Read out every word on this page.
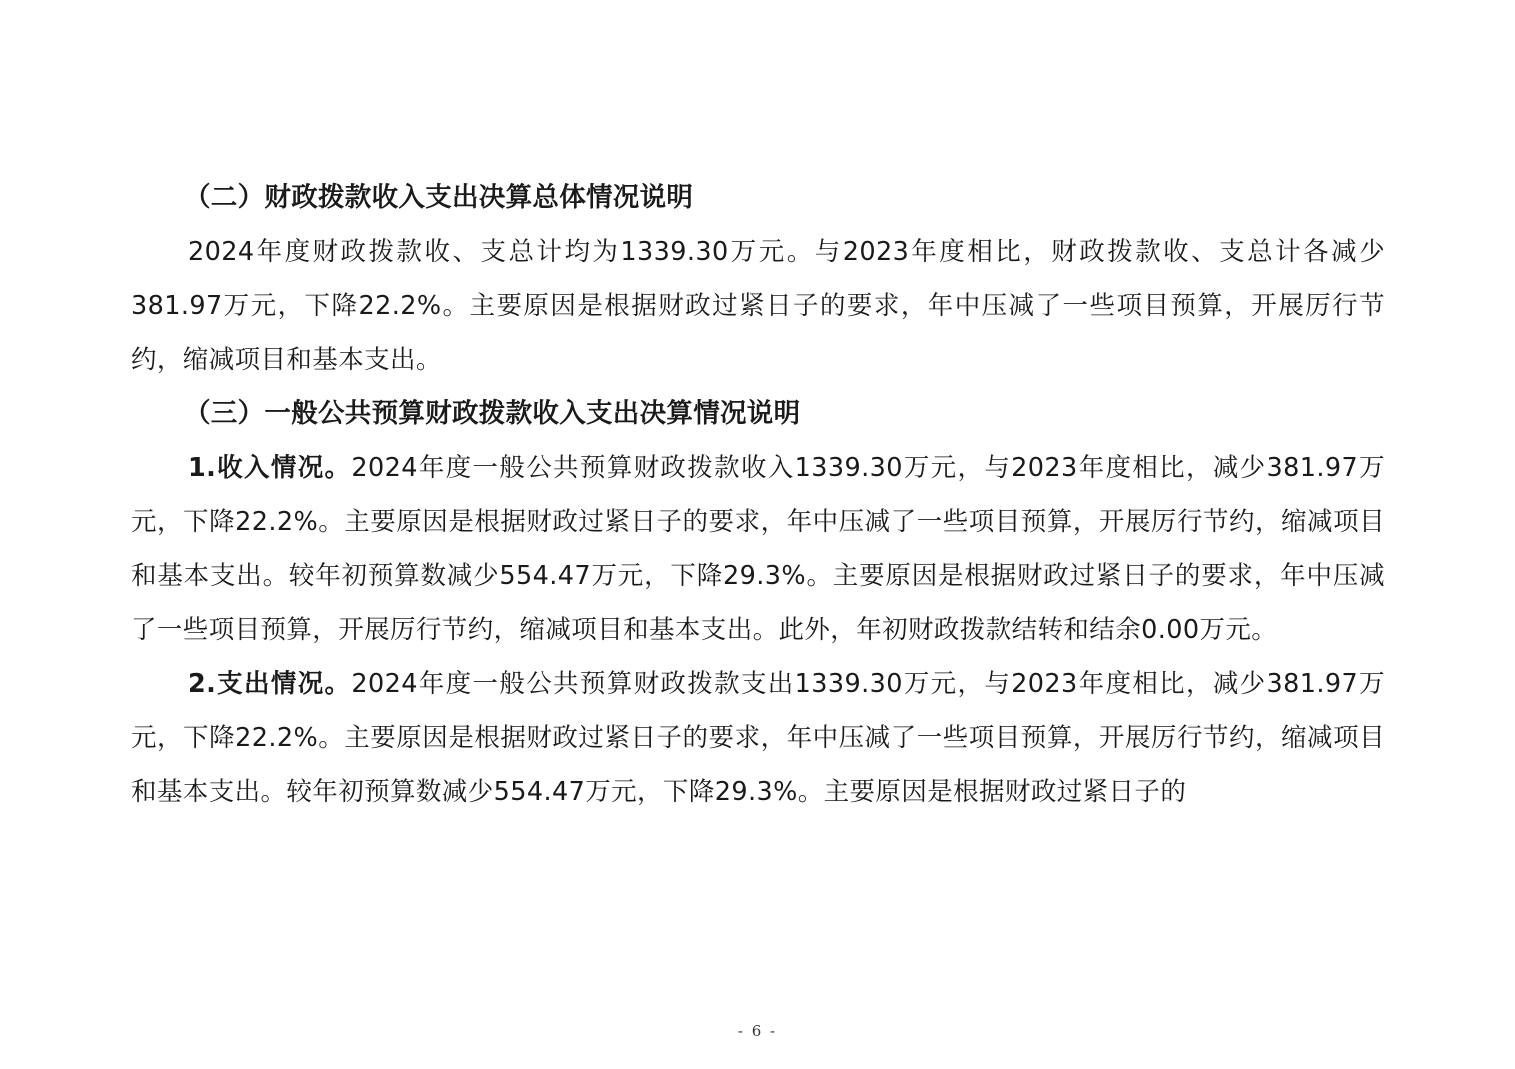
（二）财政拨款收入支出决算总体情况说明

2024年度财政拨款收、支总计均为1339.30万元。与2023年度相比，财政拨款收、支总计各减少381.97万元，下降22.2%。主要原因是根据财政过紧日子的要求，年中压减了一些项目预算，开展厉行节约，缩减项目和基本支出。

（三）一般公共预算财政拨款收入支出决算情况说明

1.收入情况。2024年度一般公共预算财政拨款收入1339.30万元，与2023年度相比，减少381.97万元，下降22.2%。主要原因是根据财政过紧日子的要求，年中压减了一些项目预算，开展厉行节约，缩减项目和基本支出。较年初预算数减少554.47万元，下降29.3%。主要原因是根据财政过紧日子的要求，年中压减了一些项目预算，开展厉行节约，缩减项目和基本支出。此外，年初财政拨款结转和结余0.00万元。

2.支出情况。2024年度一般公共预算财政拨款支出1339.30万元，与2023年度相比，减少381.97万元，下降22.2%。主要原因是根据财政过紧日子的要求，年中压减了一些项目预算，开展厉行节约，缩减项目和基本支出。较年初预算数减少554.47万元，下降29.3%。主要原因是根据财政过紧日子的

- 6 -
